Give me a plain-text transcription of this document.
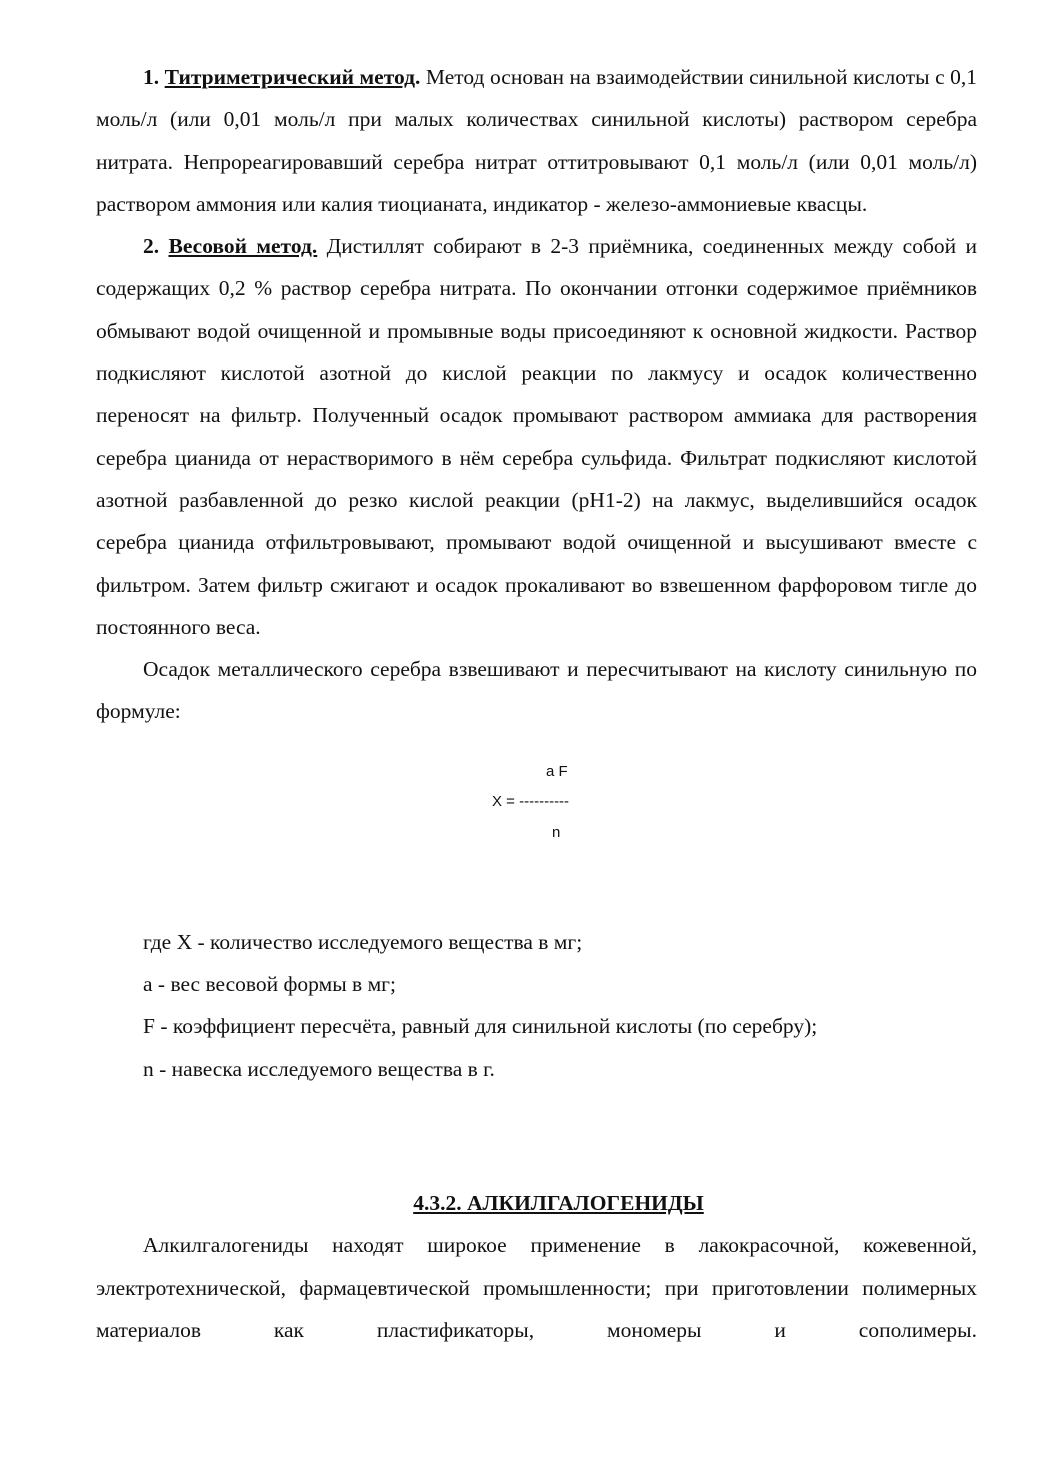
1. Титриметрический метод. Метод основан на взаимодействии синильной кислоты с 0,1 моль/л (или 0,01 моль/л при малых количествах синильной кислоты) раствором серебра нитрата. Непрореагировавший серебра нитрат оттитровывают 0,1 моль/л (или 0,01 моль/л) раствором аммония или калия тиоцианата, индикатор - железо-аммониевые квасцы.

2. Весовой метод. Дистиллят собирают в 2-3 приёмника, соединенных между собой и содержащих 0,2 % раствор серебра нитрата. По окончании отгонки содержимое приёмников обмывают водой очищенной и промывные воды присоединяют к основной жидкости. Раствор подкисляют кислотой азотной до кислой реакции по лакмусу и осадок количественно переносят на фильтр. Полученный осадок промывают раствором аммиака для растворения серебра цианида от нерастворимого в нём серебра сульфида. Фильтрат подкисляют кислотой азотной разбавленной до резко кислой реакции (рН1-2) на лакмус, выделившийся осадок серебра цианида отфильтровывают, промывают водой очищенной и высушивают вместе с фильтром. Затем фильтр сжигают и осадок прокаливают во взвешенном фарфоровом тигле до постоянного веса.

Осадок металлического серебра взвешивают и пересчитывают на кислоту синильную по формуле:

a F
X = ----------
n

где Х - количество исследуемого вещества в мг;

а - вес весовой формы в мг;

F - коэффициент пересчёта, равный для синильной кислоты (по серебру);

n - навеска исследуемого вещества в г.

4.3.2. АЛКИЛГАЛОГЕНИДЫ

Алкилгалогениды находят широкое применение в лакокрасочной, кожевенной, электротехнической, фармацевтической промышленности; при приготовлении полимерных материалов как пластификаторы, мономеры и сополимеры.
